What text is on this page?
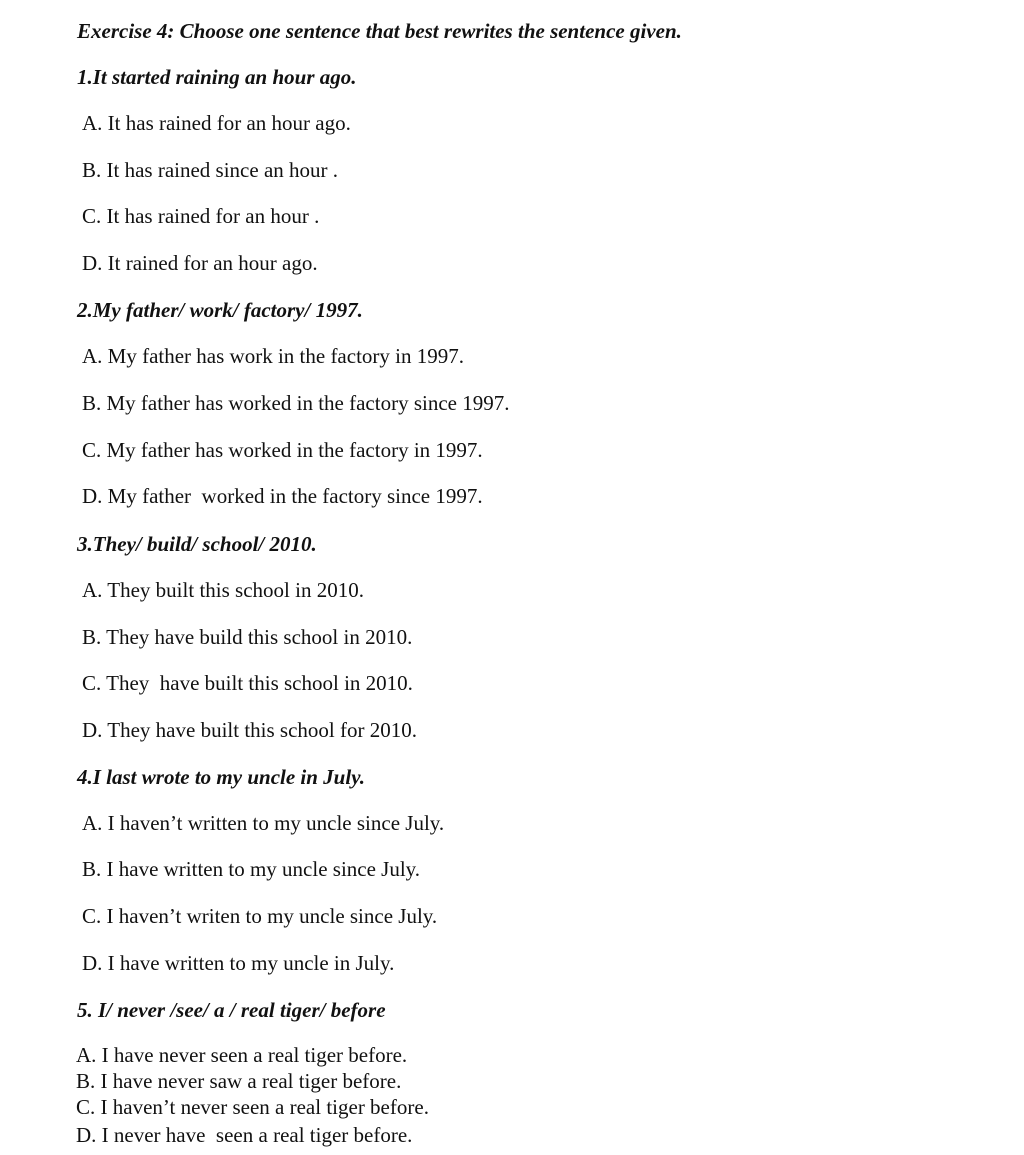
Exercise 4: Choose one sentence that best rewrites the sentence given.
1.It started raining an hour ago.
A. It has rained for an hour ago.
B. It has rained since an hour .
C. It has rained for an hour .
D. It rained for an hour ago.
2.My father/ work/ factory/ 1997.
A. My father has work in the factory in 1997.
B. My father has worked in the factory since 1997.
C. My father has worked in the factory in 1997.
D. My father  worked in the factory since 1997.
3.They/ build/ school/ 2010.
A. They built this school in 2010.
B. They have build this school in 2010.
C. They  have built this school in 2010.
D. They have built this school for 2010.
4.I last wrote to my uncle in July.
A. I haven’t written to my uncle since July.
B. I have written to my uncle since July.
C. I haven’t writen to my uncle since July.
D. I have written to my uncle in July.
5. I/ never /see/ a / real tiger/ before
A. I have never seen a real tiger before.
B. I have never saw a real tiger before.
C. I haven’t never seen a real tiger before.
D. I never have  seen a real tiger before.
